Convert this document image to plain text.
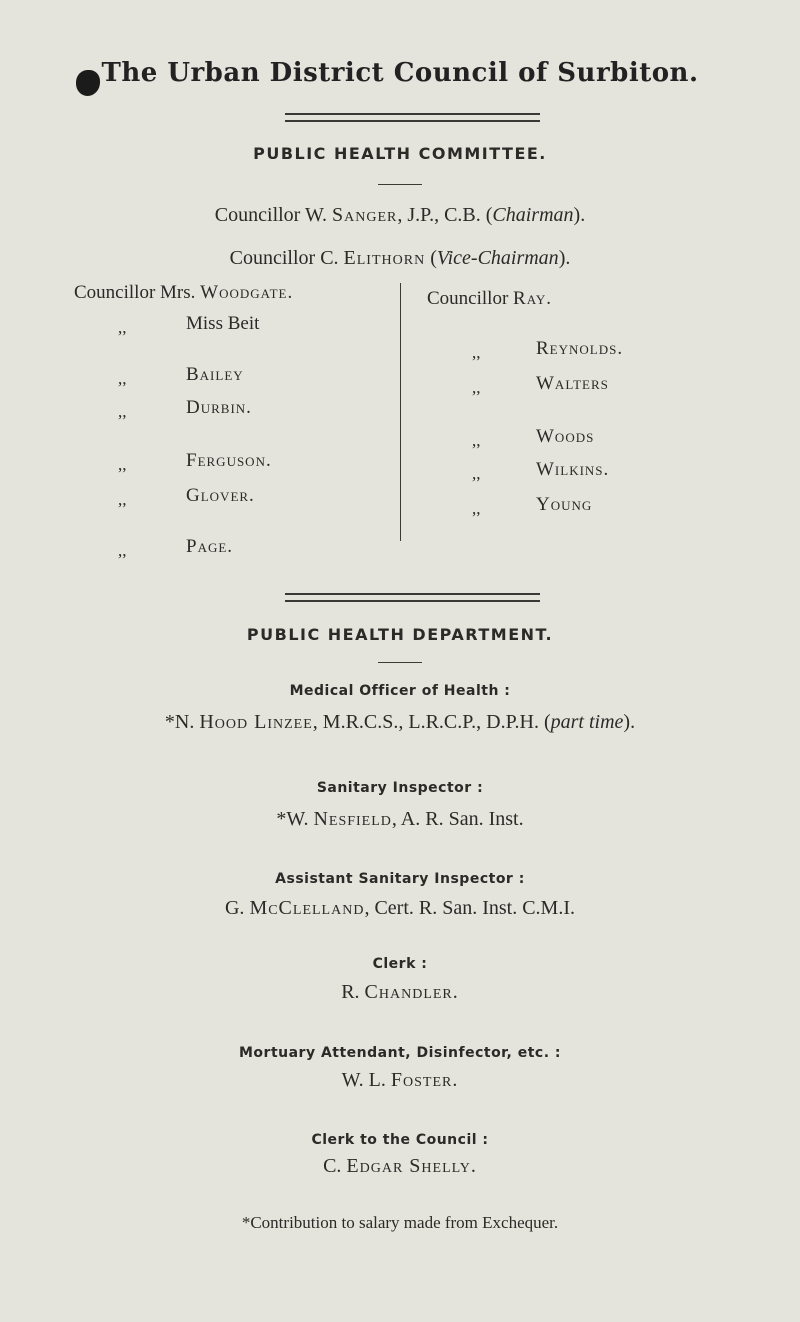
The Urban District Council of Surbiton.
PUBLIC HEALTH COMMITTEE.
Councillor W. Sanger, J.P., C.B. (Chairman).
Councillor C. Elithorn (Vice-Chairman).
Councillor Mrs. Woodgate.
,,	Miss Beit
,,	Bailey
,,	Durbin.
,,	Ferguson.
,,	Glover.
,,	Page.
Councillor Ray.
,,	Reynolds.
,,	Walters
,,	Woods
,,	Wilkins.
,,	Young
PUBLIC HEALTH DEPARTMENT.
Medical Officer of Health :
*N. Hood Linzee, M.R.C.S., L.R.C.P., D.P.H. (part time).
Sanitary Inspector :
*W. Nesfield, A. R. San. Inst.
Assistant Sanitary Inspector :
G. McClelland, Cert. R. San. Inst. C.M.I.
Clerk :
R. Chandler.
Mortuary Attendant, Disinfector, etc. :
W. L. Foster.
Clerk to the Council :
C. Edgar Shelly.
*Contribution to salary made from Exchequer.
